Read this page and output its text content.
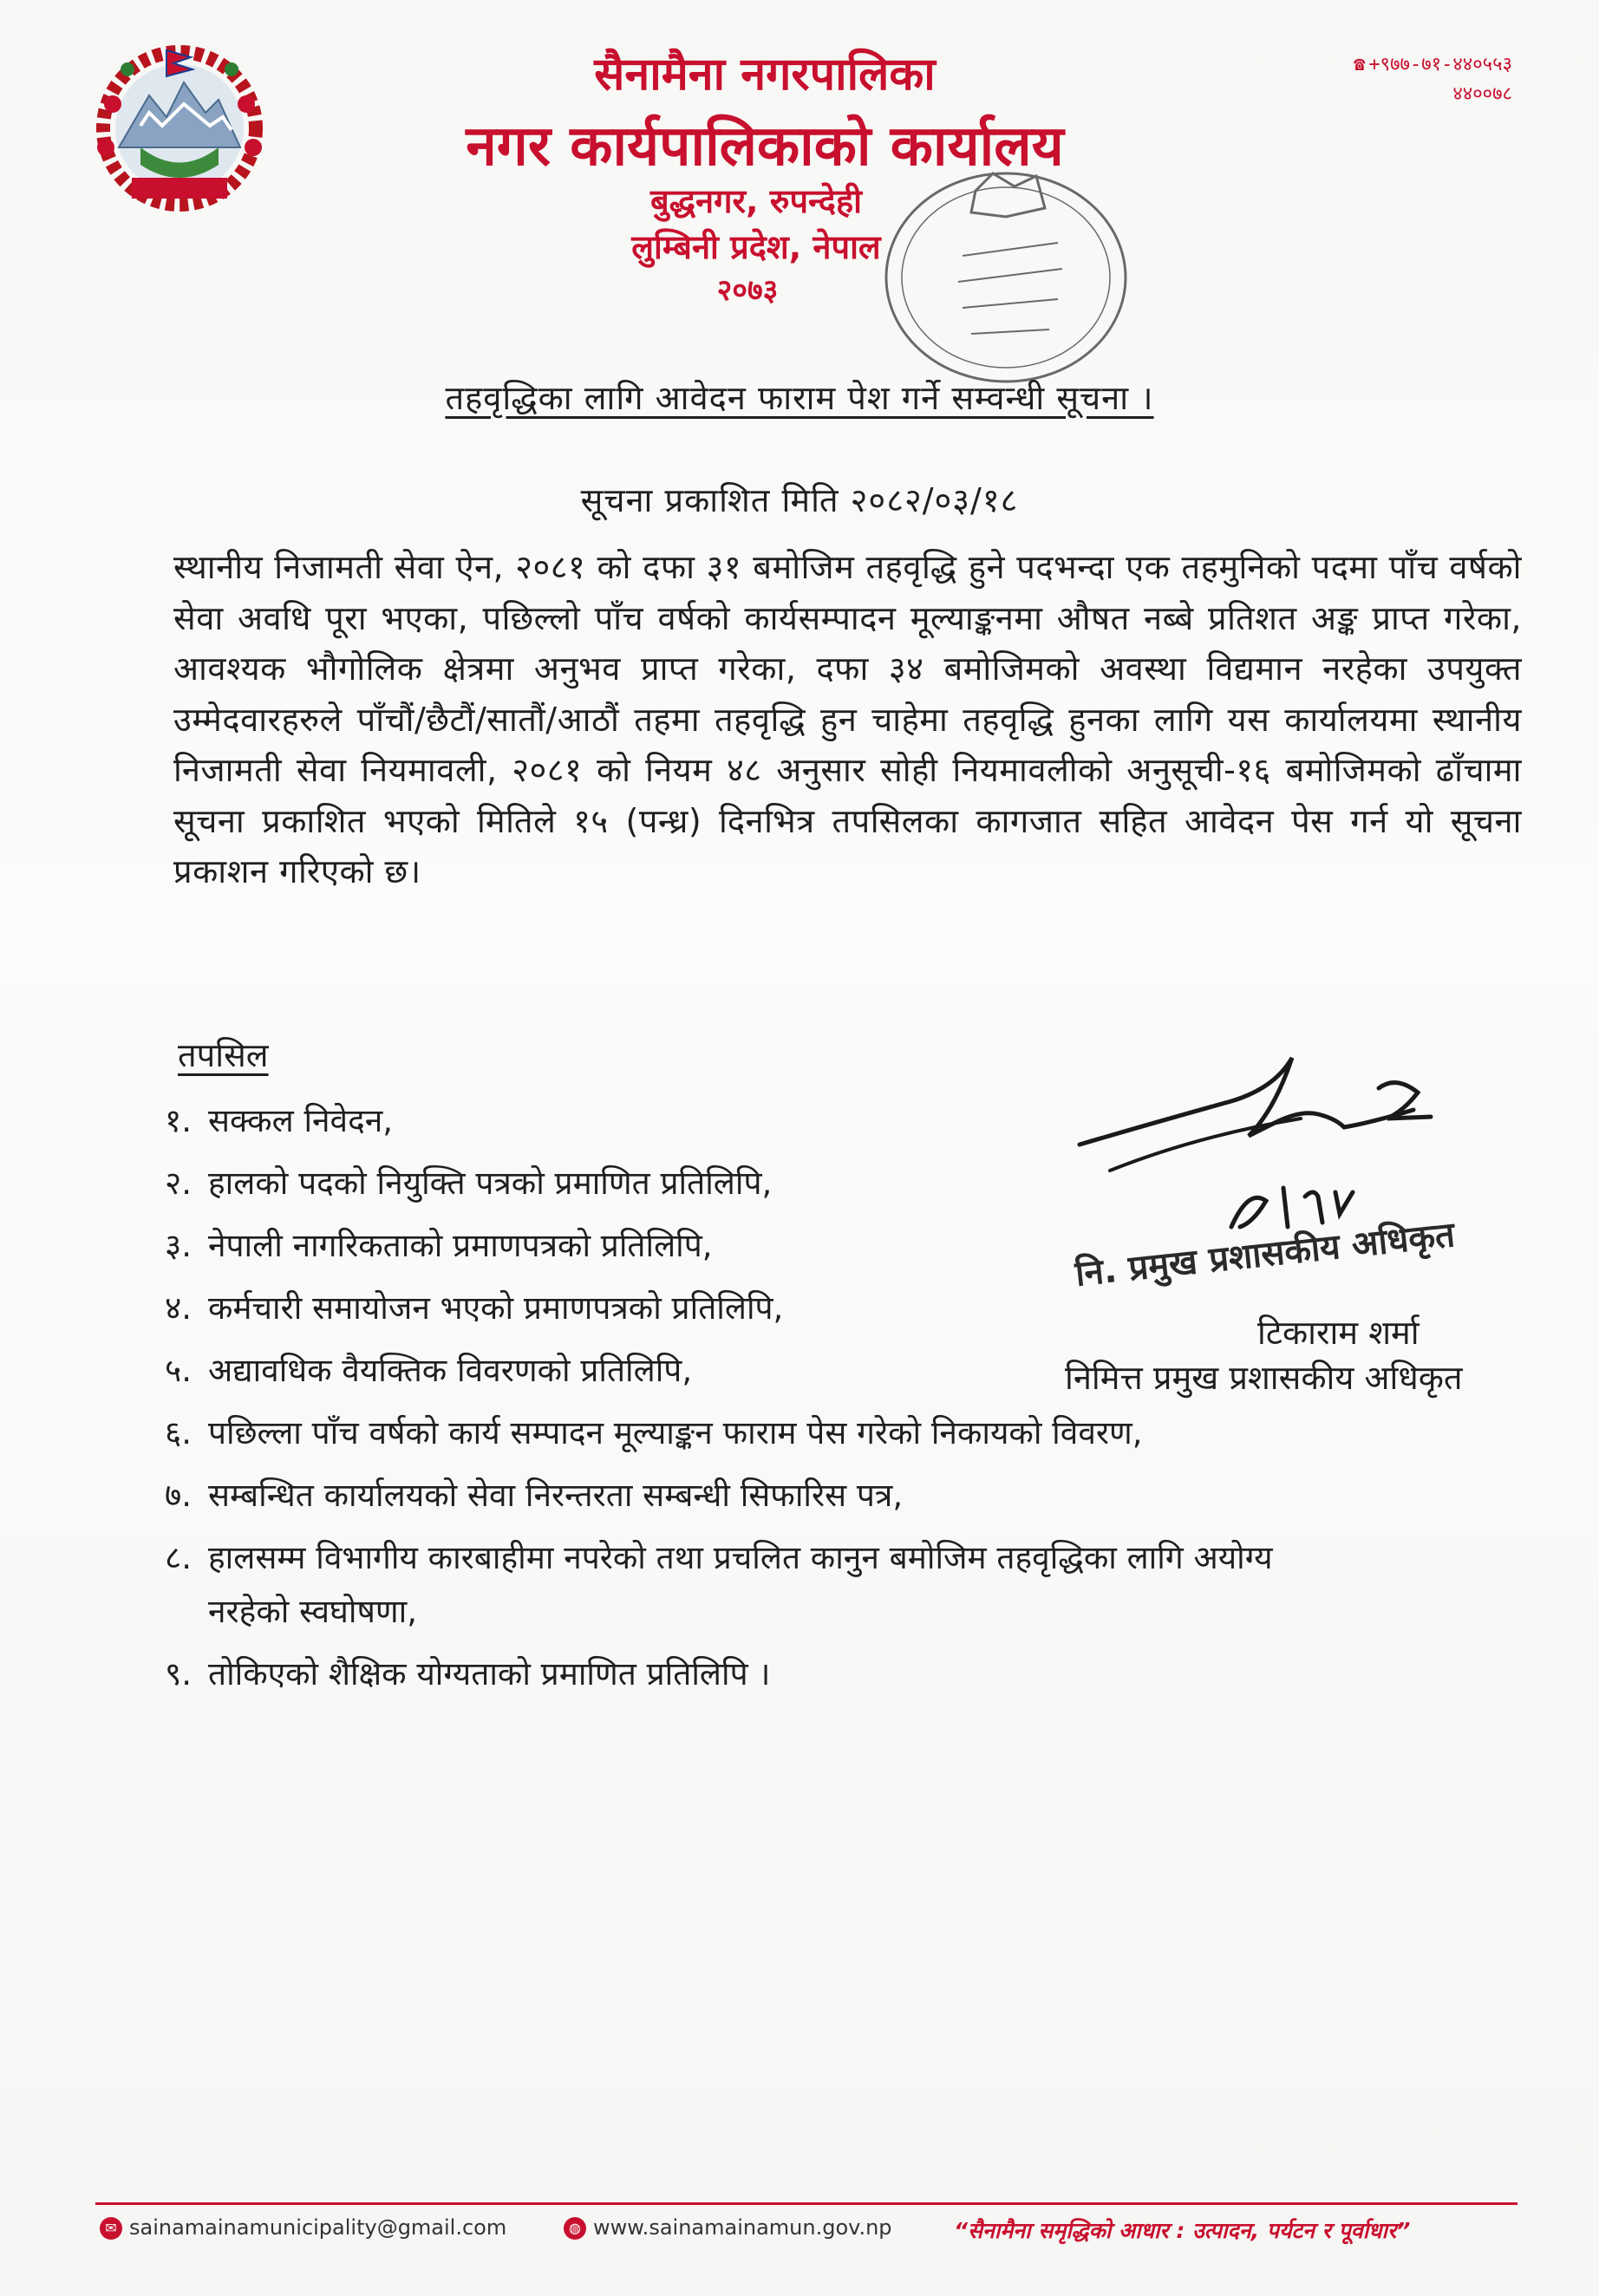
सैनामैना नगरपालिका
नगर कार्यपालिकाको कार्यालय
बुद्धनगर, रुपन्देही
लुम्बिनी प्रदेश, नेपाल
२०७३
☎ +९७७-७१-४४०५५३
४४००७८
तहवृद्धिका लागि आवेदन फाराम पेश गर्ने सम्वन्धी सूचना ।
सूचना प्रकाशित मिति २०८२/०३/१८
स्थानीय निजामती सेवा ऐन, २०८१ को दफा ३१ बमोजिम तहवृद्धि हुने पदभन्दा एक तहमुनिको पदमा पाँच वर्षको सेवा अवधि पूरा भएका, पछिल्लो पाँच वर्षको कार्यसम्पादन मूल्याङ्कनमा औषत नब्बे प्रतिशत अङ्क प्राप्त गरेका, आवश्यक भौगोलिक क्षेत्रमा अनुभव प्राप्त गरेका, दफा ३४ बमोजिमको अवस्था विद्यमान नरहेका उपयुक्त उम्मेदवारहरुले पाँचौं/छैटौं/सातौं/आठौं तहमा तहवृद्धि हुन चाहेमा तहवृद्धि हुनका लागि यस कार्यालयमा स्थानीय निजामती सेवा नियमावली, २०८१ को नियम ४८ अनुसार सोही नियमावलीको अनुसूची-१६ बमोजिमको ढाँचामा सूचना प्रकाशित भएको मितिले १५ (पन्ध्र) दिनभित्र तपसिलका कागजात सहित आवेदन पेस गर्न यो सूचना प्रकाशन गरिएको छ।
तपसिल
१. सक्कल निवेदन,
२. हालको पदको नियुक्ति पत्रको प्रमाणित प्रतिलिपि,
३. नेपाली नागरिकताको प्रमाणपत्रको प्रतिलिपि,
४. कर्मचारी समायोजन भएको प्रमाणपत्रको प्रतिलिपि,
५. अद्यावधिक वैयक्तिक विवरणको प्रतिलिपि,
६. पछिल्ला पाँच वर्षको कार्य सम्पादन मूल्याङ्कन फाराम पेस गरेको निकायको विवरण,
७. सम्बन्धित कार्यालयको सेवा निरन्तरता सम्बन्धी सिफारिस पत्र,
८. हालसम्म विभागीय कारबाहीमा नपरेको तथा प्रचलित कानुन बमोजिम तहवृद्धिका लागि अयोग्य
नरहेको स्वघोषणा,
९. तोकिएको शैक्षिक योग्यताको प्रमाणित प्रतिलिपि ।
नि. प्रमुख प्रशासकीय अधिकृत
टिकाराम शर्मा
निमित्त प्रमुख प्रशासकीय अधिकृत
✉ sainamainamunicipality@gmail.com	◍ www.sainamainamun.gov.np	“सैनामैना समृद्धिको आधार : उत्पादन, पर्यटन र पूर्वाधार”
